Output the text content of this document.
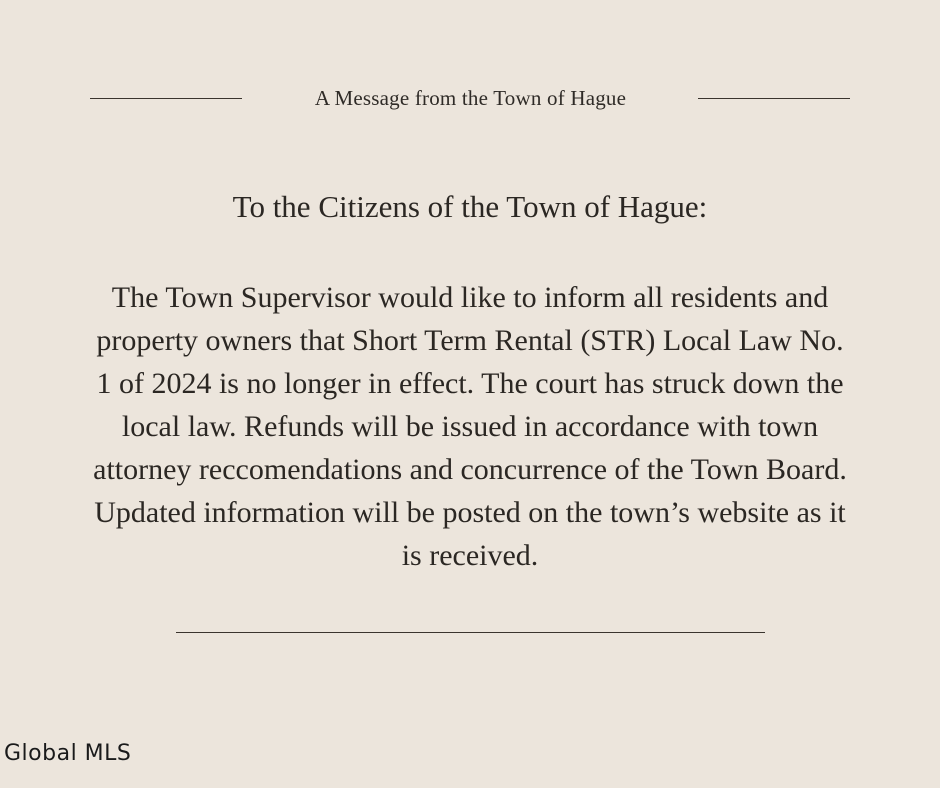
A Message from the Town of Hague
To the Citizens of the Town of Hague:
The Town Supervisor would like to inform all residents and property owners that Short Term Rental (STR) Local Law No. 1 of 2024 is no longer in effect. The court has struck down the local law. Refunds will be issued in accordance with town attorney reccomendations and concurrence of the Town Board. Updated information will be posted on the town’s website as it is received.
Global MLS
